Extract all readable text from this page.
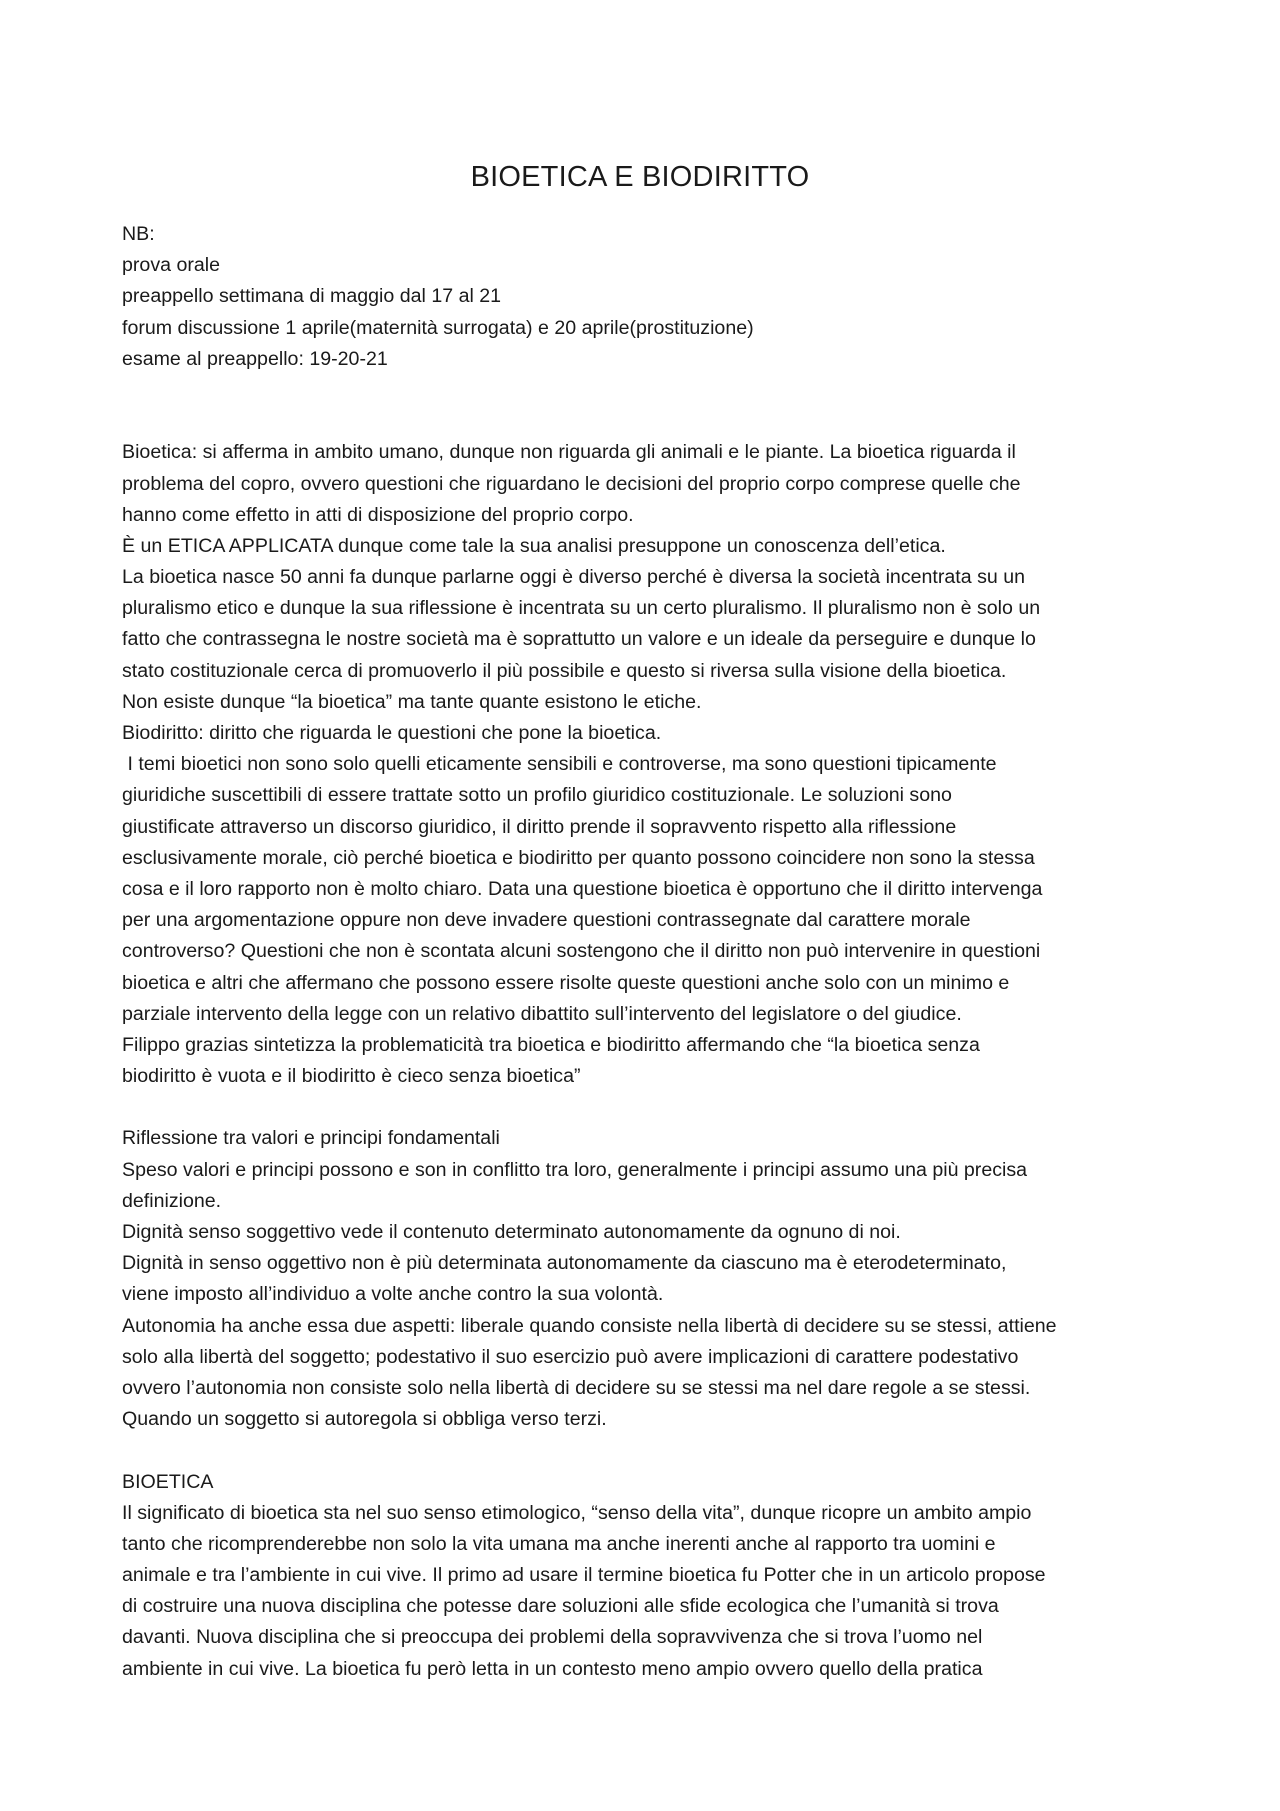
BIOETICA E BIODIRITTO
NB:
prova orale
preappello settimana di maggio dal 17 al 21
forum discussione 1 aprile(maternità surrogata) e 20 aprile(prostituzione)
esame al preappello: 19-20-21
Bioetica: si afferma in ambito umano, dunque non riguarda gli animali e le piante. La bioetica riguarda il
problema del copro, ovvero questioni che riguardano le decisioni del proprio corpo comprese quelle che
hanno come effetto in atti di disposizione del proprio corpo.
È un ETICA APPLICATA dunque come tale la sua analisi presuppone un conoscenza dell’etica.
La bioetica nasce 50 anni fa dunque parlarne oggi è diverso perché è diversa la società incentrata su un
pluralismo etico e dunque la sua riflessione è incentrata su un certo pluralismo. Il pluralismo non è solo un
fatto che contrassegna le nostre società ma è soprattutto un valore e un ideale da perseguire e dunque lo
stato costituzionale cerca di promuoverlo il più possibile e questo si riversa sulla visione della bioetica.
Non esiste dunque “la bioetica” ma tante quante esistono le etiche.
Biodiritto: diritto che riguarda le questioni che pone la bioetica.
I temi bioetici non sono solo quelli eticamente sensibili e controverse, ma sono questioni tipicamente
giuridiche suscettibili di essere trattate sotto un profilo giuridico costituzionale. Le soluzioni sono
giustificate attraverso un discorso giuridico, il diritto prende il sopravvento rispetto alla riflessione
esclusivamente morale, ciò perché bioetica e biodiritto per quanto possono coincidere non sono la stessa
cosa e il loro rapporto non è molto chiaro. Data una questione bioetica è opportuno che il diritto intervenga
per una argomentazione oppure non deve invadere questioni contrassegnate dal carattere morale
controverso? Questioni che non è scontata alcuni sostengono che il diritto non può intervenire in questioni
bioetica e altri che affermano che possono essere risolte queste questioni anche solo con un minimo e
parziale intervento della legge con un relativo dibattito sull’intervento del legislatore o del giudice.
Filippo grazias sintetizza la problematicità tra bioetica e biodiritto affermando che “la bioetica senza
biodiritto è vuota e il biodiritto è cieco senza bioetica”
Riflessione tra valori e principi fondamentali
Speso valori e principi possono e son in conflitto tra loro, generalmente i principi assumo una più precisa
definizione.
Dignità senso soggettivo vede il contenuto determinato autonomamente da ognuno di noi.
Dignità in senso oggettivo non è più determinata autonomamente da ciascuno ma è eterodeterminato,
viene imposto all’individuo a volte anche contro la sua volontà.
Autonomia ha anche essa due aspetti: liberale quando consiste nella libertà di decidere su se stessi, attiene
solo alla libertà del soggetto; podestativo il suo esercizio può avere implicazioni di carattere podestativo
ovvero l’autonomia non consiste solo nella libertà di decidere su se stessi ma nel dare regole a se stessi.
Quando un soggetto si autoregola si obbliga verso terzi.
BIOETICA
Il significato di bioetica sta nel suo senso etimologico, “senso della vita”, dunque ricopre un ambito ampio
tanto che ricomprenderebbe non solo la vita umana ma anche inerenti anche al rapporto tra uomini e
animale e tra l’ambiente in cui vive. Il primo ad usare il termine bioetica fu Potter che in un articolo propose
di costruire una nuova disciplina che potesse dare soluzioni alle sfide ecologica che l’umanità si trova
davanti. Nuova disciplina che si preoccupa dei problemi della sopravvivenza che si trova l’uomo nel
ambiente in cui vive. La bioetica fu però letta in un contesto meno ampio ovvero quello della pratica
